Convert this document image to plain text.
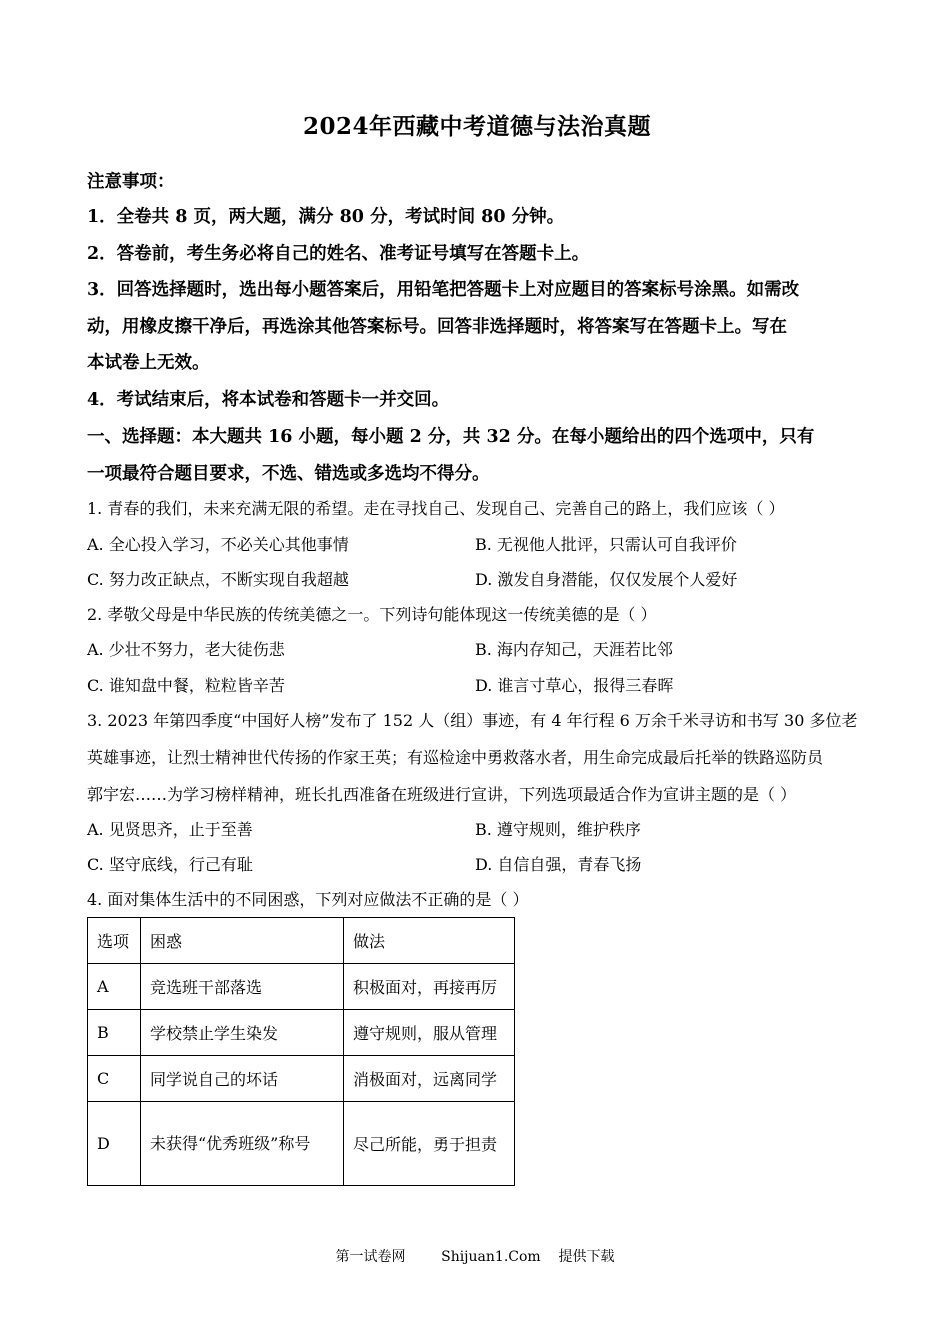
2024年西藏中考道德与法治真题
注意事项：
1．全卷共 8 页，两大题，满分 80 分，考试时间 80 分钟。
2．答卷前，考生务必将自己的姓名、准考证号填写在答题卡上。
3．回答选择题时，选出每小题答案后，用铅笔把答题卡上对应题目的答案标号涂黑。如需改
动，用橡皮擦干净后，再选涂其他答案标号。回答非选择题时，将答案写在答题卡上。写在
本试卷上无效。
4．考试结束后，将本试卷和答题卡一并交回。
一、选择题：本大题共 16 小题，每小题 2 分，共 32 分。在每小题给出的四个选项中，只有
一项最符合题目要求，不选、错选或多选均不得分。
1. 青春的我们，未来充满无限的希望。走在寻找自己、发现自己、完善自己的路上，我们应该（ ）
A. 全心投入学习，不必关心其他事情	B. 无视他人批评，只需认可自我评价
C. 努力改正缺点，不断实现自我超越	D. 激发自身潜能，仅仅发展个人爱好
2. 孝敬父母是中华民族的传统美德之一。下列诗句能体现这一传统美德的是（ ）
A. 少壮不努力，老大徒伤悲	B. 海内存知己，天涯若比邻
C. 谁知盘中餐，粒粒皆辛苦	D. 谁言寸草心，报得三春晖
3. 2023 年第四季度“中国好人榜”发布了 152 人（组）事迹，有 4 年行程 6 万余千米寻访和书写 30 多位老
英雄事迹，让烈士精神世代传扬的作家王英；有巡检途中勇救落水者，用生命完成最后托举的铁路巡防员
郭宇宏……为学习榜样精神，班长扎西准备在班级进行宣讲，下列选项最适合作为宣讲主题的是（ ）
A. 见贤思齐，止于至善	B. 遵守规则，维护秩序
C. 坚守底线，行己有耻	D. 自信自强，青春飞扬
4. 面对集体生活中的不同困惑，下列对应做法不正确的是（ ）
选项	困惑	做法
A	竞选班干部落选	积极面对，再接再厉
B	学校禁止学生染发	遵守规则，服从管理
C	同学说自己的坏话	消极面对，远离同学
D	未获得“优秀班级”称号	尽己所能，勇于担责
第一试卷网        Shijuan1.Com    提供下载
